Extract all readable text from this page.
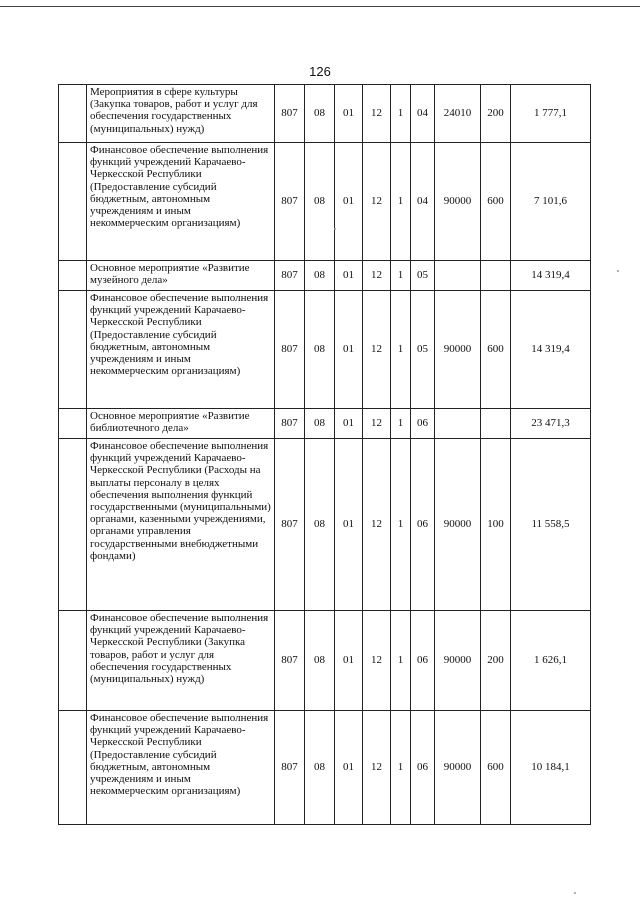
126
	Мероприятия в сфере культуры (Закупка товаров, работ и услуг для обеспечения государственных (муниципальных) нужд)	807	08	01	12	1	04	24010	200	1 777,1
	Финансовое обеспечение выполнения функций учреждений Карачаево-Черкесской Республики (Предоставление субсидий бюджетным, автономным учреждениям и иным некоммерческим организациям)	807	08	01	12	1	04	90000	600	7 101,6
	Основное мероприятие «Развитие музейного дела»	807	08	01	12	1	05			14 319,4
	Финансовое обеспечение выполнения функций учреждений Карачаево-Черкесской Республики (Предоставление субсидий бюджетным, автономным учреждениям и иным некоммерческим организациям)	807	08	01	12	1	05	90000	600	14 319,4
	Основное мероприятие «Развитие библиотечного дела»	807	08	01	12	1	06			23 471,3
	Финансовое обеспечение выполнения функций учреждений Карачаево-Черкесской Республики (Расходы на выплаты персоналу в целях обеспечения выполнения функций государственными (муниципальными) органами, казенными учреждениями, органами управления государственными внебюджетными фондами)	807	08	01	12	1	06	90000	100	11 558,5
	Финансовое обеспечение выполнения функций учреждений Карачаево-Черкесской Республики (Закупка товаров, работ и услуг для обеспечения государственных (муниципальных) нужд)	807	08	01	12	1	06	90000	200	1 626,1
	Финансовое обеспечение выполнения функций учреждений Карачаево-Черкесской Республики (Предоставление субсидий бюджетным, автономным учреждениям и иным некоммерческим организациям)	807	08	01	12	1	06	90000	600	10 184,1
